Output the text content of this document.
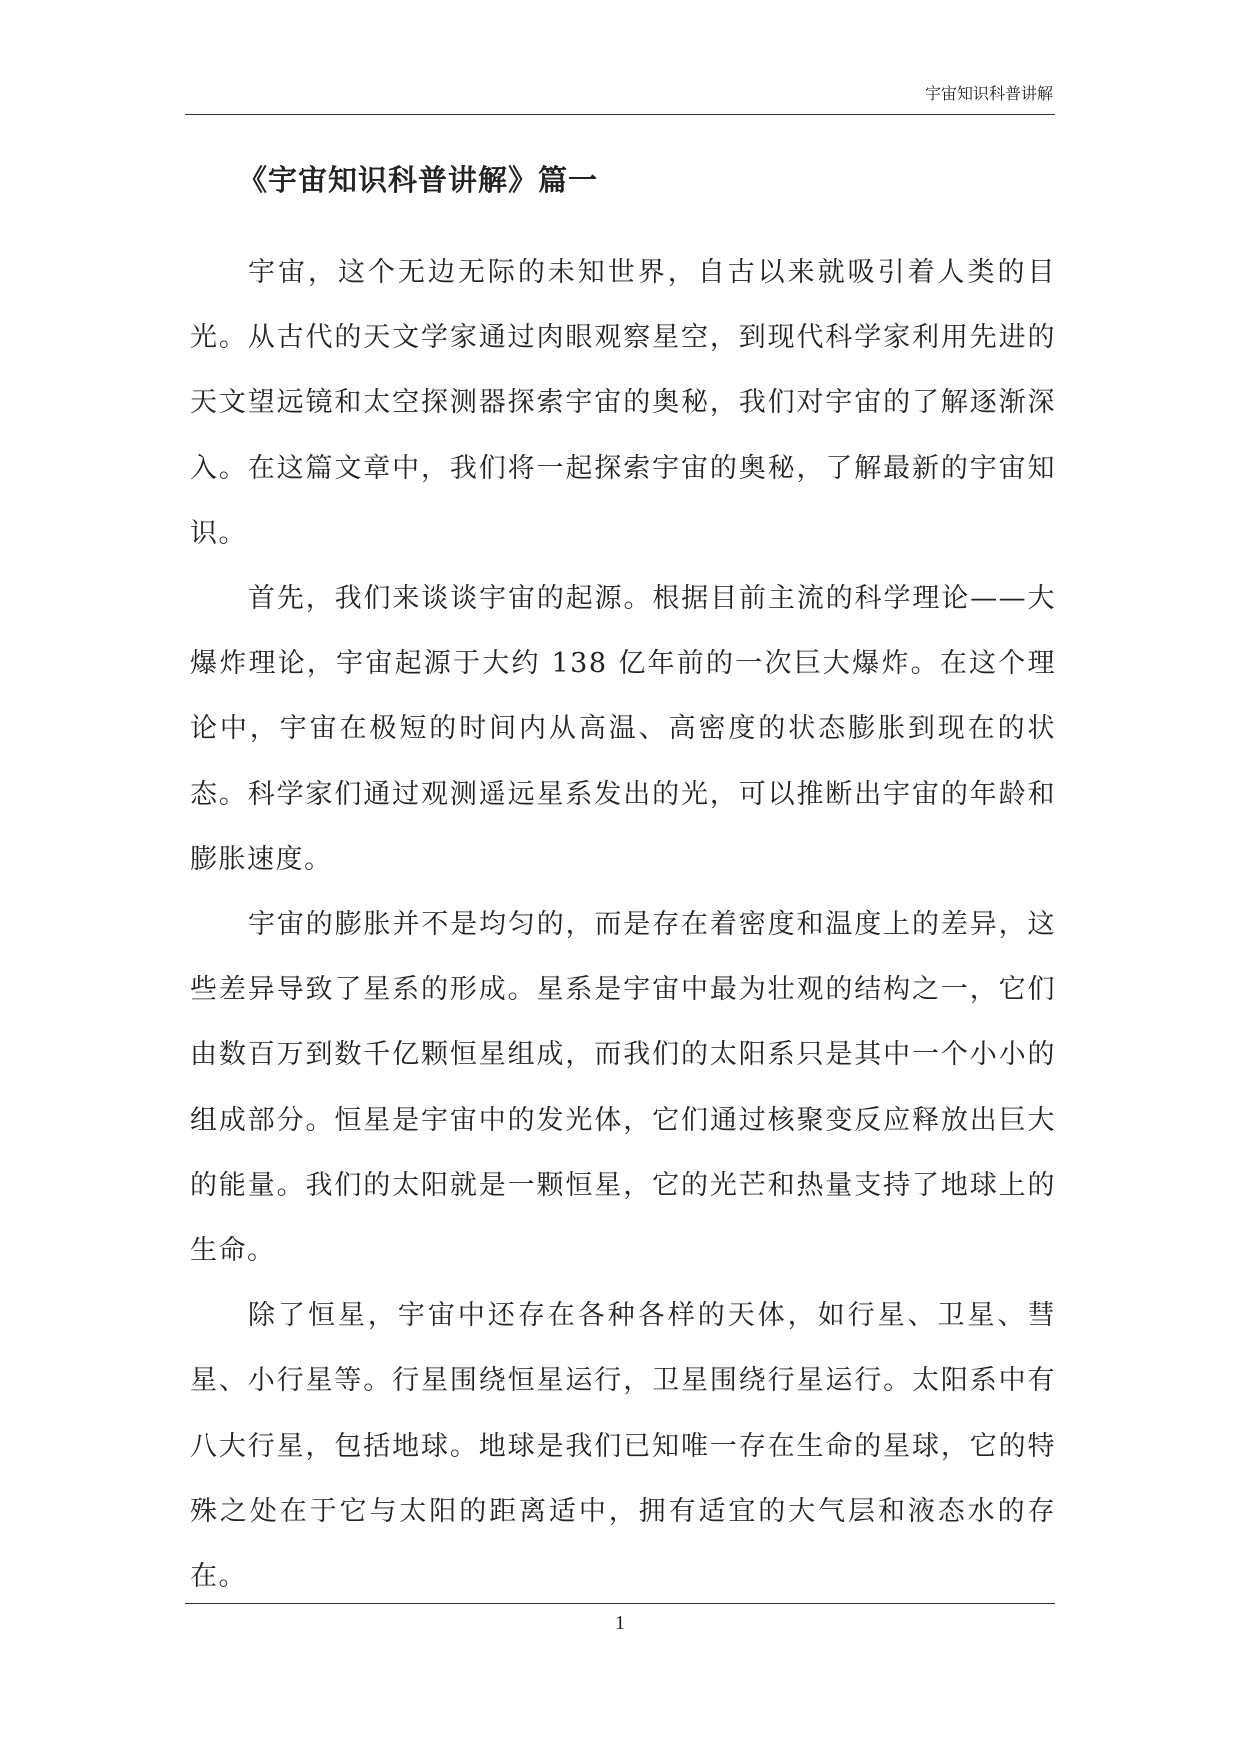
宇宙知识科普讲解
《宇宙知识科普讲解》篇一

宇宙，这个无边无际的未知世界，自古以来就吸引着人类的目光。从古代的天文学家通过肉眼观察星空，到现代科学家利用先进的天文望远镜和太空探测器探索宇宙的奥秘，我们对宇宙的了解逐渐深入。在这篇文章中，我们将一起探索宇宙的奥秘，了解最新的宇宙知识。

首先，我们来谈谈宇宙的起源。根据目前主流的科学理论——大爆炸理论，宇宙起源于大约 138 亿年前的一次巨大爆炸。在这个理论中，宇宙在极短的时间内从高温、高密度的状态膨胀到现在的状态。科学家们通过观测遥远星系发出的光，可以推断出宇宙的年龄和膨胀速度。

宇宙的膨胀并不是均匀的，而是存在着密度和温度上的差异，这些差异导致了星系的形成。星系是宇宙中最为壮观的结构之一，它们由数百万到数千亿颗恒星组成，而我们的太阳系只是其中一个小小的组成部分。恒星是宇宙中的发光体，它们通过核聚变反应释放出巨大的能量。我们的太阳就是一颗恒星，它的光芒和热量支持了地球上的生命。

除了恒星，宇宙中还存在各种各样的天体，如行星、卫星、彗星、小行星等。行星围绕恒星运行，卫星围绕行星运行。太阳系中有八大行星，包括地球。地球是我们已知唯一存在生命的星球，它的特殊之处在于它与太阳的距离适中，拥有适宜的大气层和液态水的存在。

1
